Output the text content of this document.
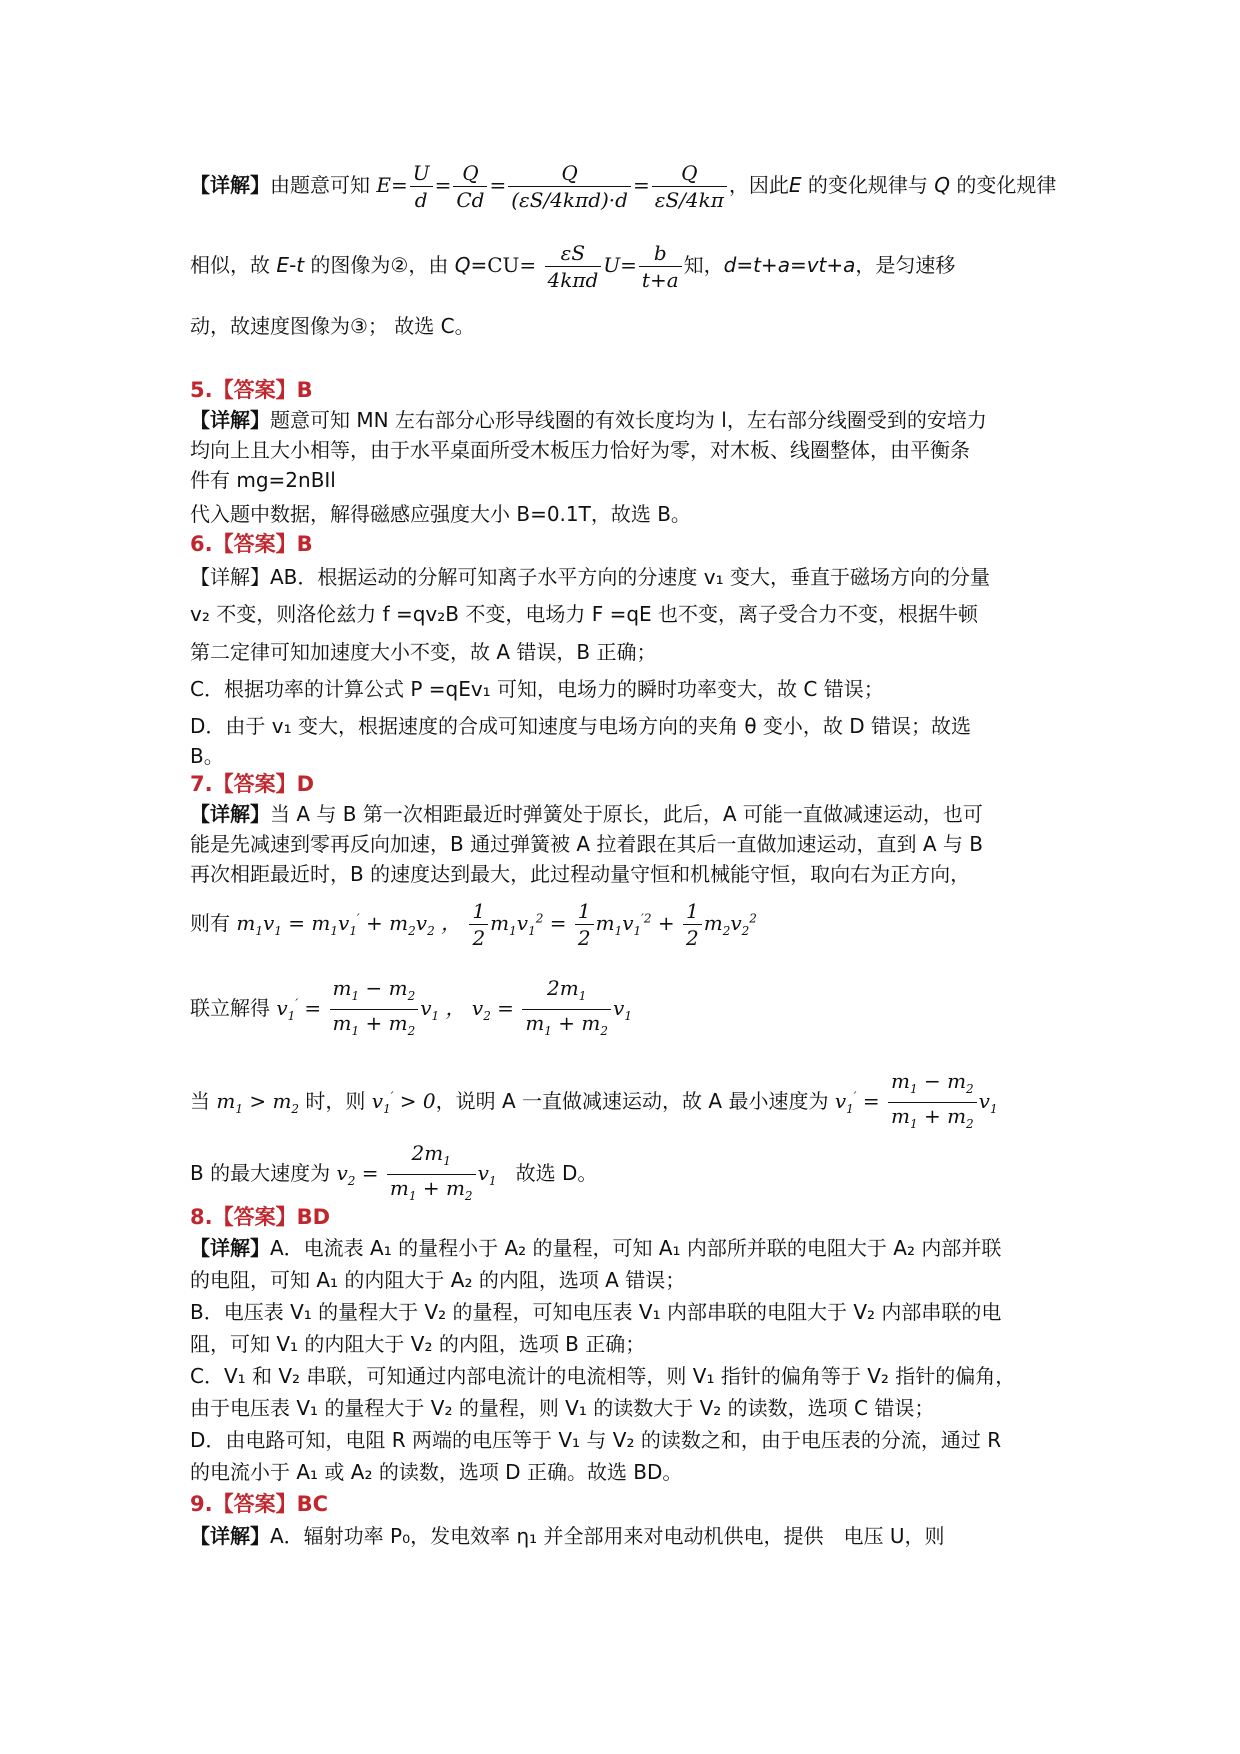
【详解】由题意可知 $E= \frac{U}{d} = \frac{Q}{Cd} = \frac{Q}{\text{(εS/4kπd)·d}} = \frac{Q}{\varepsilon S/4k\pi}$ ，因此E 的变化规律与 Q 的变化规律
相似，故 E-t 的图像为②，由 $Q=CU= \frac{\varepsilon S}{\text{4kπd}} U= \frac{b}{t+a}$ 知，d=t+a=vt+a，是匀速移
动，故速度图像为③； 故选 C。
5.【答案】B
【详解】题意可知 MN 左右部分心形导线圈的有效长度均为 l，左右部分线圈受到的安培力
均向上且大小相等，由于水平桌面所受木板压力恰好为零，对木板、线圈整体，由平衡条
件有 mg=2nBIl
代入题中数据，解得磁感应强度大小 B=0.1T，故选 B。
6.【答案】B
【详解】AB．根据运动的分解可知离子水平方向的分速度 v₁ 变大，垂直于磁场方向的分量
v₂ 不变，则洛伦兹力 f =qv₂B 不变，电场力 F =qE 也不变，离子受合力不变，根据牛顿
第二定律可知加速度大小不变，故 A 错误，B 正确；
C．根据功率的计算公式 P =qEv₁ 可知，电场力的瞬时功率变大，故 C 错误；
D．由于 v₁ 变大，根据速度的合成可知速度与电场方向的夹角 θ 变小，故 D 错误；故选
B。
7.【答案】D
【详解】当 A 与 B 第一次相距最近时弹簧处于原长，此后，A 可能一直做减速运动，也可
能是先减速到零再反向加速，B 通过弹簧被 A 拉着跟在其后一直做加速运动，直到 A 与 B
再次相距最近时，B 的速度达到最大，此过程动量守恒和机械能守恒，取向右为正方向，
则有 $m_1v_1 = m_1v_1' + m_2v_2$ ， $\frac{1}{2} m_1v_1^2 = \frac{1}{2} m_1v_1^{'2} + \frac{1}{2} m_2v_2^2$
联立解得 $v_1' = \frac{m_1 - m_2}{m_1 + m_2} v_1$ ， $v_2 = \frac{2m_1}{m_1 + m_2} v_1$
当 $m_1 > m_2$ 时，则 $v_1' > 0$，说明 A 一直做减速运动，故 A 最小速度为 $v_1' = \frac{m_1 - m_2}{m_1 + m_2} v_1$
B 的最大速度为 $v_2 = \frac{2m_1}{m_1 + m_2} v_1$ 故选 D。
8.【答案】BD
【详解】A．电流表 A₁ 的量程小于 A₂ 的量程，可知 A₁ 内部所并联的电阻大于 A₂ 内部并联
的电阻，可知 A₁ 的内阻大于 A₂ 的内阻，选项 A 错误；
B．电压表 V₁ 的量程大于 V₂ 的量程，可知电压表 V₁ 内部串联的电阻大于 V₂ 内部串联的电
阻，可知 V₁ 的内阻大于 V₂ 的内阻，选项 B 正确；
C．V₁ 和 V₂ 串联，可知通过内部电流计的电流相等，则 V₁ 指针的偏角等于 V₂ 指针的偏角，
由于电压表 V₁ 的量程大于 V₂ 的量程，则 V₁ 的读数大于 V₂ 的读数，选项 C 错误；
D．由电路可知，电阻 R 两端的电压等于 V₁ 与 V₂ 的读数之和，由于电压表的分流，通过 R
的电流小于 A₁ 或 A₂ 的读数，选项 D 正确。故选 BD。
9.【答案】BC
【详解】A．辐射功率 P₀，发电效率 η₁ 并全部用来对电动机供电，提供　电压 U，则
